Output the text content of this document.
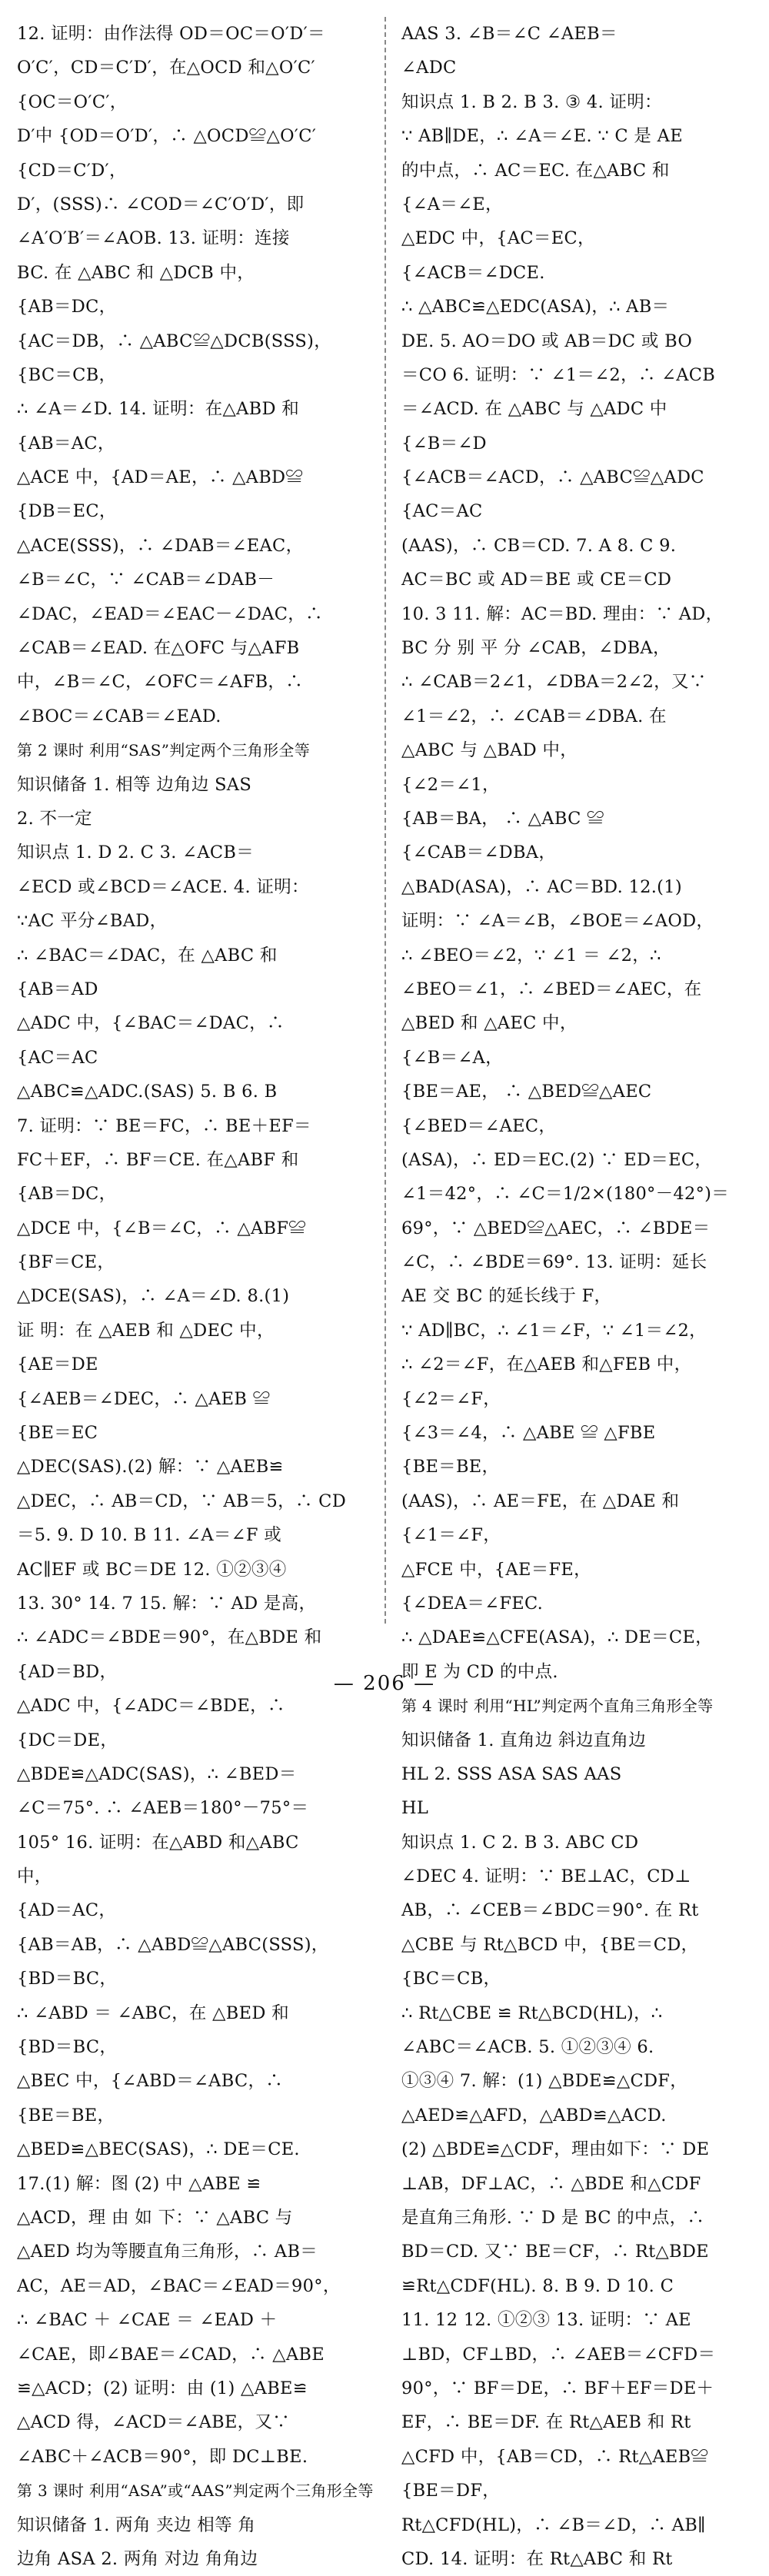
12. 证明：由作法得 OD＝OC＝O′D′＝
O′C′，CD＝C′D′，在△OCD 和△O′C′
{OC＝O′C′，
D′中 {OD＝O′D′，∴ △OCD≌△O′C′
{CD＝C′D′，
D′，(SSS)∴ ∠COD＝∠C′O′D′，即
∠A′O′B′＝∠AOB. 13. 证明：连接
BC. 在 △ABC 和 △DCB 中，
{AB＝DC，
{AC＝DB，∴ △ABC≌△DCB(SSS)，
{BC＝CB，
∴ ∠A＝∠D. 14. 证明：在△ABD 和
{AB＝AC，
△ACE 中，{AD＝AE，∴ △ABD≌
{DB＝EC，
△ACE(SSS)，∴ ∠DAB＝∠EAC，
∠B＝∠C，∵ ∠CAB＝∠DAB－
∠DAC，∠EAD＝∠EAC－∠DAC，∴
∠CAB＝∠EAD. 在△OFC 与△AFB
中，∠B＝∠C，∠OFC＝∠AFB，∴
∠BOC＝∠CAB＝∠EAD.
第 2 课时 利用“SAS”判定两个三角形全等
知识储备 1. 相等 边角边 SAS
2. 不一定
知识点 1. D 2. C 3. ∠ACB＝
∠ECD 或∠BCD＝∠ACE. 4. 证明：
∵AC 平分∠BAD，
∴ ∠BAC＝∠DAC，在 △ABC 和
{AB＝AD
△ADC 中，{∠BAC＝∠DAC，∴
{AC＝AC
△ABC≌△ADC.(SAS) 5. B 6. B
7. 证明：∵ BE＝FC，∴ BE＋EF＝
FC＋EF，∴ BF＝CE. 在△ABF 和
{AB＝DC，
△DCE 中，{∠B＝∠C，∴ △ABF≌
{BF＝CE，
△DCE(SAS)，∴ ∠A＝∠D. 8.(1)
证 明：在 △AEB 和 △DEC 中，
{AE＝DE
{∠AEB＝∠DEC，∴ △AEB ≌
{BE＝EC
△DEC(SAS).(2) 解：∵ △AEB≌
△DEC，∴ AB＝CD，∵ AB＝5，∴ CD
＝5. 9. D 10. B 11. ∠A＝∠F 或
AC∥EF 或 BC＝DE 12. ①②③④
13. 30° 14. 7 15. 解：∵ AD 是高，
∴ ∠ADC＝∠BDE＝90°，在△BDE 和
{AD＝BD，
△ADC 中，{∠ADC＝∠BDE，∴
{DC＝DE，
△BDE≌△ADC(SAS)，∴ ∠BED＝
∠C＝75°. ∴ ∠AEB＝180°－75°＝
105° 16. 证明：在△ABD 和△ABC
中，
{AD＝AC，
{AB＝AB，∴ △ABD≌△ABC(SSS)，
{BD＝BC，
∴ ∠ABD ＝ ∠ABC，在 △BED 和
{BD＝BC，
△BEC 中，{∠ABD＝∠ABC，∴
{BE＝BE，
△BED≌△BEC(SAS)，∴ DE＝CE.
17.(1) 解：图 (2) 中 △ABE ≌
△ACD，理 由 如 下：∵ △ABC 与
△AED 均为等腰直角三角形，∴ AB＝
AC，AE＝AD，∠BAC＝∠EAD＝90°，
∴ ∠BAC ＋ ∠CAE ＝ ∠EAD ＋
∠CAE，即∠BAE＝∠CAD，∴ △ABE
≌△ACD；(2) 证明：由 (1) △ABE≌
△ACD 得，∠ACD＝∠ABE，又∵
∠ABC＋∠ACB＝90°，即 DC⊥BE.
第 3 课时 利用“ASA”或“AAS”判定两个三角形全等
知识储备 1. 两角 夹边 相等 角
边角 ASA 2. 两角 对边 角角边
AAS 3. ∠B＝∠C ∠AEB＝
∠ADC
知识点 1. B 2. B 3. ③ 4. 证明：
∵ AB∥DE，∴ ∠A＝∠E. ∵ C 是 AE
的中点，∴ AC＝EC. 在△ABC 和
{∠A＝∠E，
△EDC 中，{AC＝EC，
{∠ACB＝∠DCE.
∴ △ABC≌△EDC(ASA)，∴ AB＝
DE. 5. AO＝DO 或 AB＝DC 或 BO
＝CO 6. 证明：∵ ∠1＝∠2，∴ ∠ACB
＝∠ACD. 在 △ABC 与 △ADC 中
{∠B＝∠D
{∠ACB＝∠ACD，∴ △ABC≌△ADC
{AC＝AC
(AAS)，∴ CB＝CD. 7. A 8. C 9.
AC＝BC 或 AD＝BE 或 CE＝CD
10. 3 11. 解：AC＝BD. 理由：∵ AD，
BC 分 别 平 分 ∠CAB，∠DBA，
∴ ∠CAB＝2∠1，∠DBA＝2∠2，又∵
∠1＝∠2，∴ ∠CAB＝∠DBA. 在
△ABC 与 △BAD 中，
{∠2＝∠1，
{AB＝BA， ∴ △ABC ≌
{∠CAB＝∠DBA，
△BAD(ASA)，∴ AC＝BD. 12.(1)
证明：∵ ∠A＝∠B，∠BOE＝∠AOD，
∴ ∠BEO＝∠2，∵ ∠1 ＝ ∠2，∴
∠BEO＝∠1，∴ ∠BED＝∠AEC，在
△BED 和 △AEC 中，
{∠B＝∠A，
{BE＝AE， ∴ △BED≌△AEC
{∠BED＝∠AEC，
(ASA)，∴ ED＝EC.(2) ∵ ED＝EC，
∠1＝42°，∴ ∠C＝1/2×(180°－42°)＝
69°，∵ △BED≌△AEC，∴ ∠BDE＝
∠C，∴ ∠BDE＝69°. 13. 证明：延长
AE 交 BC 的延长线于 F，
∵ AD∥BC，∴ ∠1＝∠F，∵ ∠1＝∠2，
∴ ∠2＝∠F，在△AEB 和△FEB 中，
{∠2＝∠F，
{∠3＝∠4，∴ △ABE ≌ △FBE
{BE＝BE，
(AAS)，∴ AE＝FE，在 △DAE 和
{∠1＝∠F，
△FCE 中，{AE＝FE，
{∠DEA＝∠FEC.
∴ △DAE≌△CFE(ASA)，∴ DE＝CE，
即 E 为 CD 的中点.
第 4 课时 利用“HL”判定两个直角三角形全等
知识储备 1. 直角边 斜边直角边
HL 2. SSS ASA SAS AAS
HL
知识点 1. C 2. B 3. ABC CD
∠DEC 4. 证明：∵ BE⊥AC，CD⊥
AB，∴ ∠CEB＝∠BDC＝90°. 在 Rt
△CBE 与 Rt△BCD 中，{BE＝CD，
{BC＝CB，
∴ Rt△CBE ≌ Rt△BCD(HL)，∴
∠ABC＝∠ACB. 5. ①②③④ 6.
①③④ 7. 解：(1) △BDE≌△CDF，
△AED≌△AFD，△ABD≌△ACD.
(2) △BDE≌△CDF，理由如下：∵ DE
⊥AB，DF⊥AC，∴ △BDE 和△CDF
是直角三角形. ∵ D 是 BC 的中点，∴
BD＝CD. 又∵ BE＝CF，∴ Rt△BDE
≌Rt△CDF(HL). 8. B 9. D 10. C
11. 12 12. ①②③ 13. 证明：∵ AE
⊥BD，CF⊥BD，∴ ∠AEB＝∠CFD＝
90°，∵ BF＝DE，∴ BF＋EF＝DE＋
EF，∴ BE＝DF. 在 Rt△AEB 和 Rt
△CFD 中，{AB＝CD，∴ Rt△AEB≌
{BE＝DF，
Rt△CFD(HL)，∴ ∠B＝∠D，∴ AB∥
CD. 14. 证明：在 Rt△ABC 和 Rt
— 206 —
